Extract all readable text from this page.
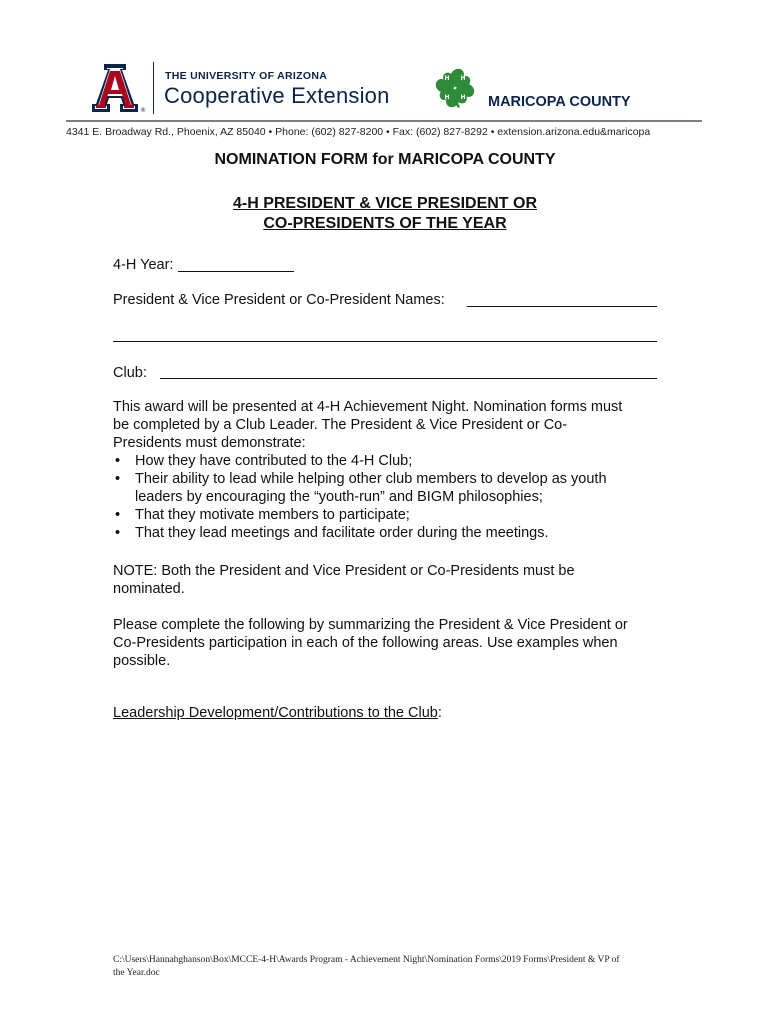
®
THE UNIVERSITY OF ARIZONA
Cooperative Extension
H H
H H MARICOPA COUNTY
4341 E. Broadway Rd., Phoenix, AZ 85040 • Phone: (602) 827-8200 • Fax: (602) 827-8292 • extension.arizona.edu&maricopa
NOMINATION FORM for MARICOPA COUNTY
4-H PRESIDENT & VICE PRESIDENT OR
CO-PRESIDENTS OF THE YEAR
4-H Year:
President & Vice President or Co-President Names:
Club:
This award will be presented at 4-H Achievement Night. Nomination forms must
be completed by a Club Leader. The President & Vice President or Co-
Presidents must demonstrate:
• How they have contributed to the 4-H Club;
• Their ability to lead while helping other club members to develop as youth
leaders by encouraging the “youth-run” and BIGM philosophies;
• That they motivate members to participate;
• That they lead meetings and facilitate order during the meetings.
NOTE: Both the President and Vice President or Co-Presidents must be
nominated.
Please complete the following by summarizing the President & Vice President or
Co-Presidents participation in each of the following areas. Use examples when
possible.
Leadership Development/Contributions to the Club:
C:\Users\Hannahghanson\Box\MCCE-4-H\Awards Program - Achievement Night\Nomination Forms\2019 Forms\President & VP of
the Year.doc
